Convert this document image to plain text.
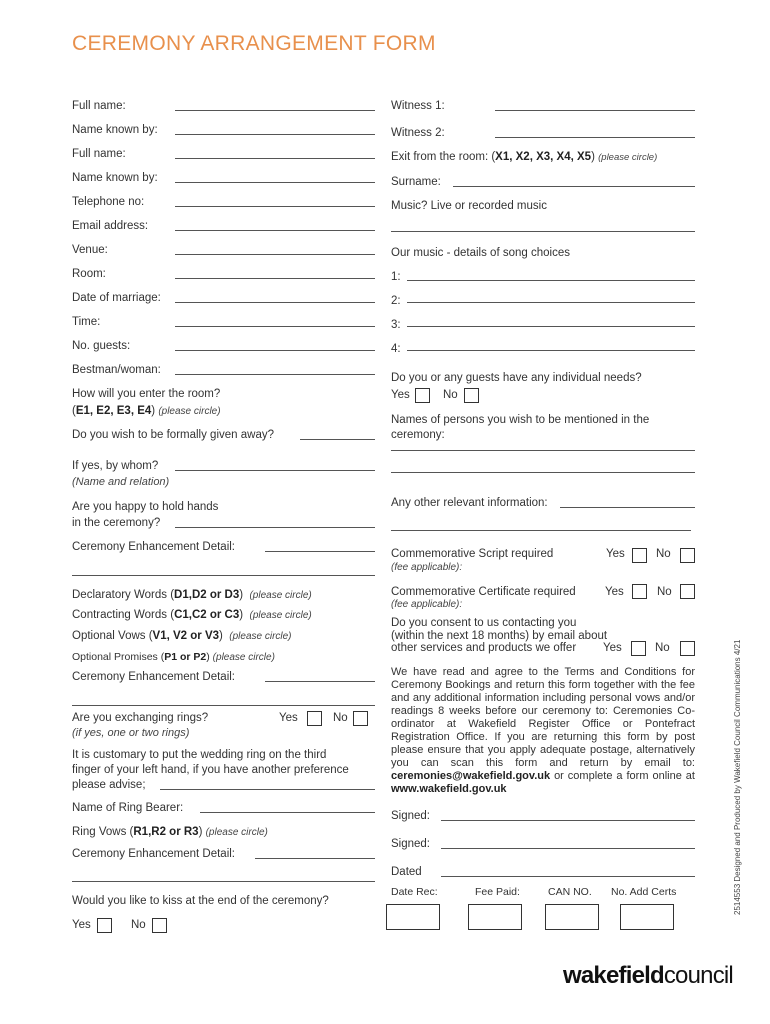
CEREMONY ARRANGEMENT FORM
Full name:
Name known by:
Full name:
Name known by:
Telephone no:
Email address:
Venue:
Room:
Date of marriage:
Time:
No. guests:
Bestman/woman:
How will you enter the room?
(E1, E2, E3, E4) (please circle)
Do you wish to be formally given away?
If yes, by whom?
(Name and relation)
Are you happy to hold hands
in the ceremony?
Ceremony Enhancement Detail:
Declaratory Words (D1,D2 or D3)  (please circle)
Contracting Words (C1,C2 or C3)  (please circle)
Optional Vows (V1, V2 or V3)  (please circle)
Optional Promises (P1 or P2) (please circle)
Ceremony Enhancement Detail:
Are you exchanging rings?	Yes	No
(if yes, one or two rings)
It is customary to put the wedding ring on the third
finger of your left hand, if you have another preference
please advise;
Name of Ring Bearer:
Ring Vows (R1,R2 or R3) (please circle)
Ceremony Enhancement Detail:
Would you like to kiss at the end of the ceremony?
Yes	No
Witness 1:
Witness 2:
Exit from the room: (X1, X2, X3, X4, X5) (please circle)
Surname:
Music? Live or recorded music
Our music - details of song choices
1:
2:
3:
4:
Do you or any guests have any individual needs?
Yes	No
Names of persons you wish to be mentioned in the
ceremony:
Any other relevant information:
Commemorative Script required
(fee applicable):
Yes	No
Commemorative Certificate required
(fee applicable):
Yes	No
Do you consent to us contacting you
(within the next 18 months) by email about
other services and products we offer Yes	No
We have read and agree to the Terms and Conditions for Ceremony Bookings and return this form together with the fee and any additional information including personal vows and/or readings 8 weeks before our ceremony to: Ceremonies Co-ordinator at Wakefield Register Office or Pontefract Registration Office. If you are returning this form by post please ensure that you apply adequate postage, alternatively you can scan this form and return by email to: ceremonies@wakefield.gov.uk or complete a form online at www.wakefield.gov.uk
Signed:
Signed:
Dated
Date Rec:	Fee Paid:	CAN NO. No. Add Certs	2514553 Designed and Produced by Wakefield Council Communications 4/21
wakefieldcouncil
